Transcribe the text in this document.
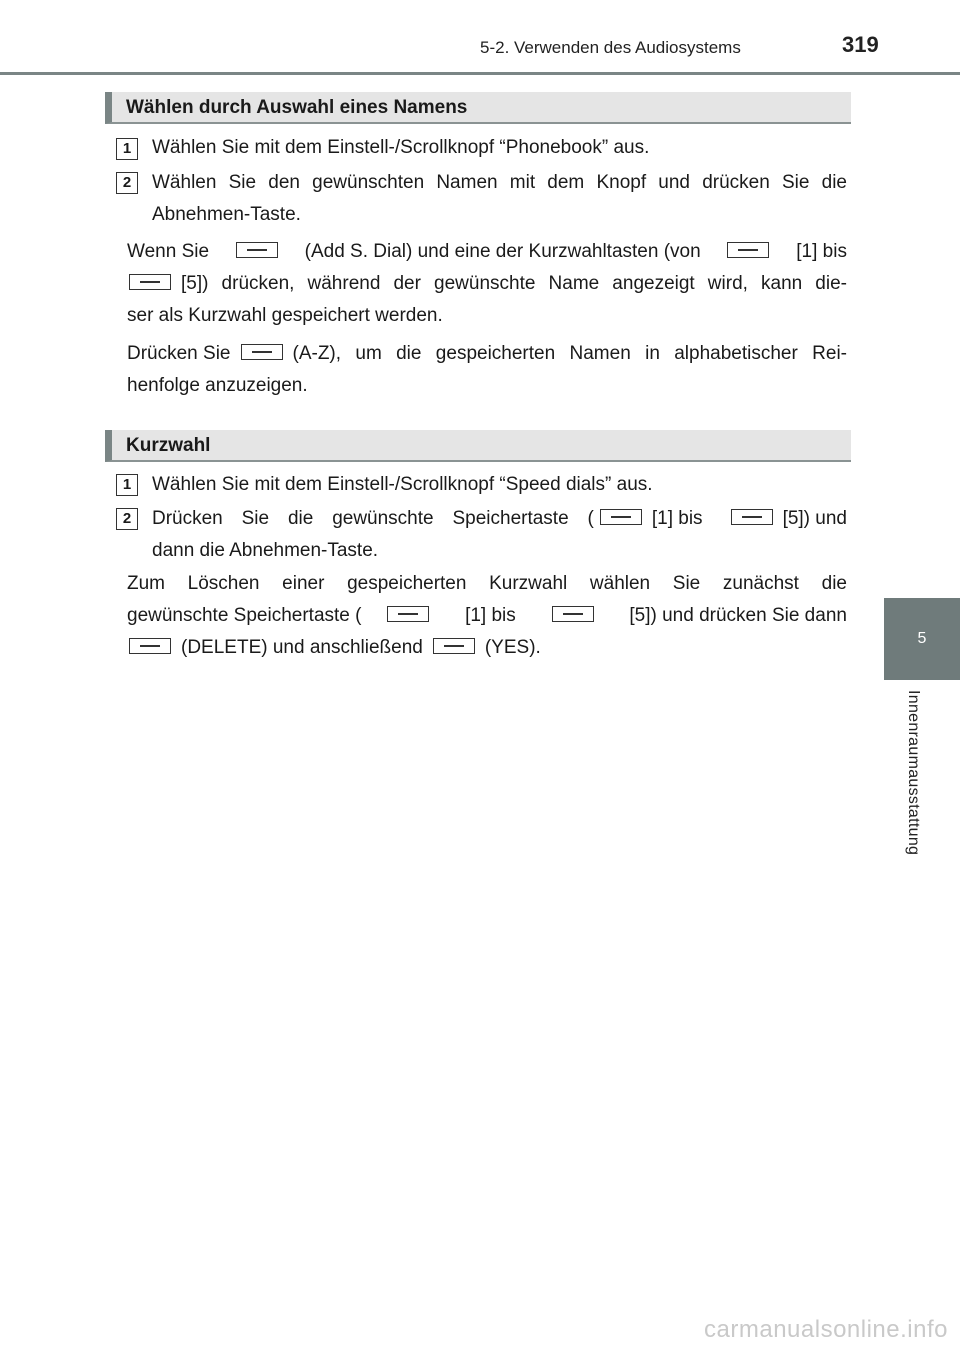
5-2. Verwenden des Audiosystems	319
5
Innenraumausstattung
Wählen durch Auswahl eines Namens
1	Wählen Sie mit dem Einstell-/Scrollknopf “Phonebook” aus.
2	Wählen Sie den gewünschten Namen mit dem Knopf und drücken Sie die
Abnehmen-Taste.
Wenn Sie	(Add S. Dial) und eine der Kurzwahltasten (von	[1] bis
[5]) drücken, während der gewünschte Name angezeigt wird, kann die-
ser als Kurzwahl gespeichert werden.
Drücken Sie	(A-Z), um die gespeicherten Namen in alphabetischer Rei-
henfolge anzuzeigen.
Kurzwahl
1	Wählen Sie mit dem Einstell-/Scrollknopf “Speed dials” aus.
2	Drücken Sie die gewünschte Speichertaste (	[1] bis	[5]) und
dann die Abnehmen-Taste.
Zum Löschen einer gespeicherten Kurzwahl wählen Sie zunächst die
gewünschte Speichertaste (	[1] bis	[5]) und drücken Sie dann
(DELETE) und anschließend	(YES).
carmanualsonline.info
